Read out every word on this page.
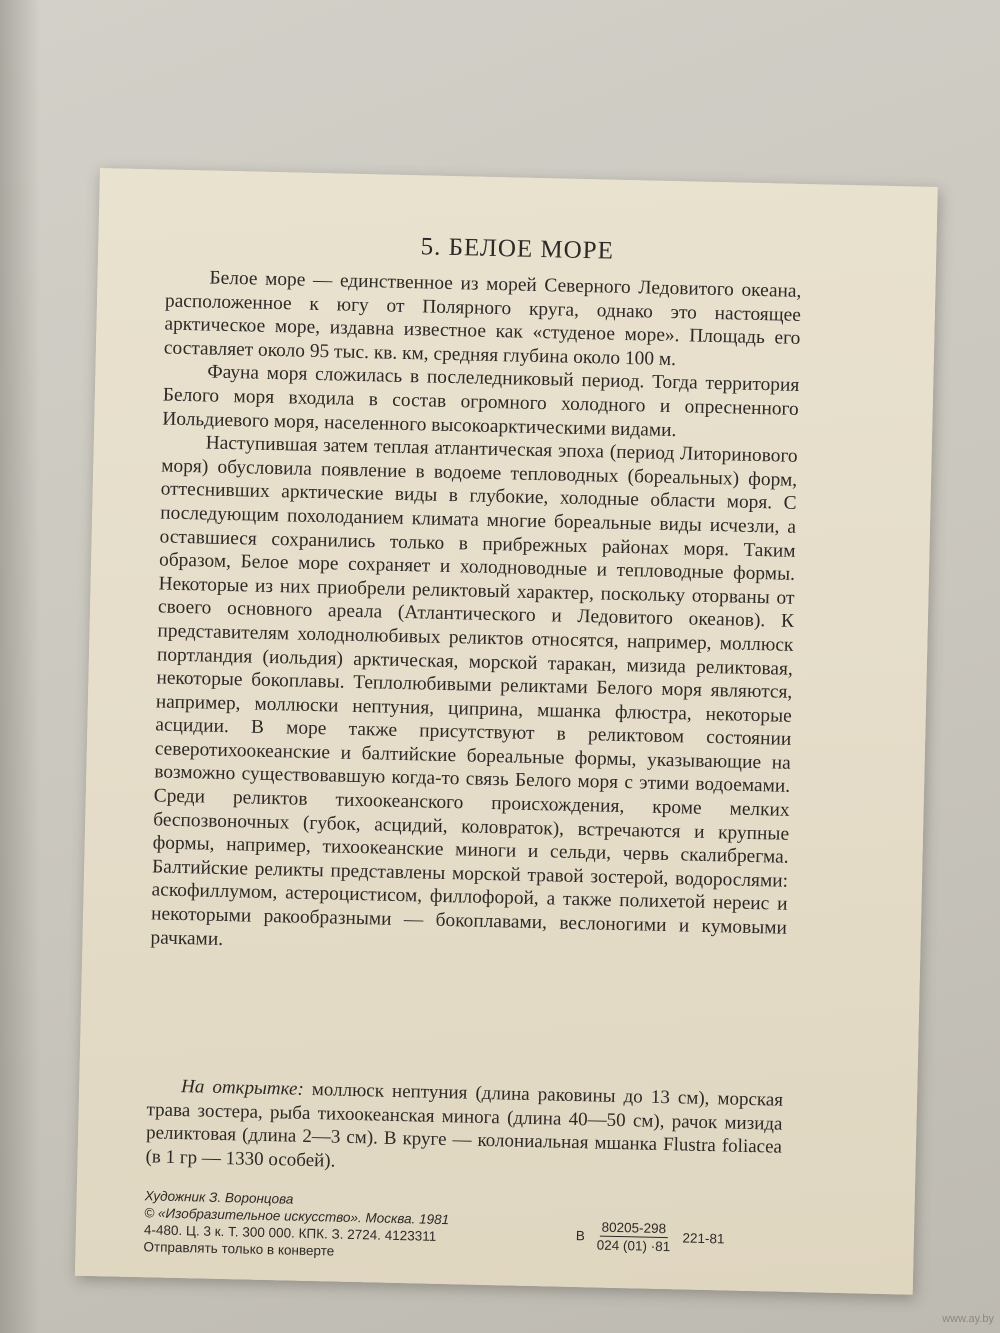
5. БЕЛОЕ МОРЕ

Белое море — единственное из морей Северного Ледовитого океана, расположенное к югу от Полярного круга, однако это настоящее арктическое море, издавна известное как «студеное море». Площадь его составляет около 95 тыс. кв. км, средняя глубина около 100 м.

Фауна моря сложилась в послеледниковый период. Тогда территория Белого моря входила в состав огромного холодного и опресненного Иольдиевого моря, населенного высокоарктическими видами.

Наступившая затем теплая атлантическая эпоха (период Литоринового моря) обусловила появление в водоеме тепловодных (бореальных) форм, оттеснивших арктические виды в глубокие, холодные области моря. С последующим похолоданием климата многие бореальные виды исчезли, а оставшиеся сохранились только в прибрежных районах моря. Таким образом, Белое море сохраняет и холодноводные и тепловодные формы. Некоторые из них приобрели реликтовый характер, поскольку оторваны от своего основного ареала (Атлантического и Ледовитого океанов). К представителям холоднолюбивых реликтов относятся, например, моллюск портландия (иольдия) арктическая, морской таракан, мизида реликтовая, некоторые бокоплавы. Теплолюбивыми реликтами Белого моря являются, например, моллюски нептуния, циприна, мшанка флюстра, некоторые асцидии. В море также присутствуют в реликтовом состоянии северотихоокеанские и балтийские бореальные формы, указывающие на возможно существовавшую когда-то связь Белого моря с этими водоемами. Среди реликтов тихоокеанского происхождения, кроме мелких беспозвоночных (губок, асцидий, коловраток), встречаются и крупные формы, например, тихоокеанские миноги и сельди, червь скалибрегма. Балтийские реликты представлены морской травой зостерой, водорослями: аскофиллумом, астероцистисом, филлофорой, а также полихетой нереис и некоторыми ракообразными — бокоплавами, веслоногими и кумовыми рачками.

На открытке: моллюск нептуния (длина раковины до 13 см), морская трава зостера, рыба тихоокеанская минога (длина 40—50 см), рачок мизида реликтовая (длина 2—3 см). В круге — колониальная мшанка Flustra foliacea (в 1 гр — 1330 особей).

Художник З. Воронцова
© «Изобразительное искусство». Москва. 1981
4-480. Ц. 3 к. Т. 300 000. КПК. З. 2724. 4123311
Отправлять только в конверте
В $\frac{80205-298}{024 (01) \cdot 81} 221-81$
www.ay.by
